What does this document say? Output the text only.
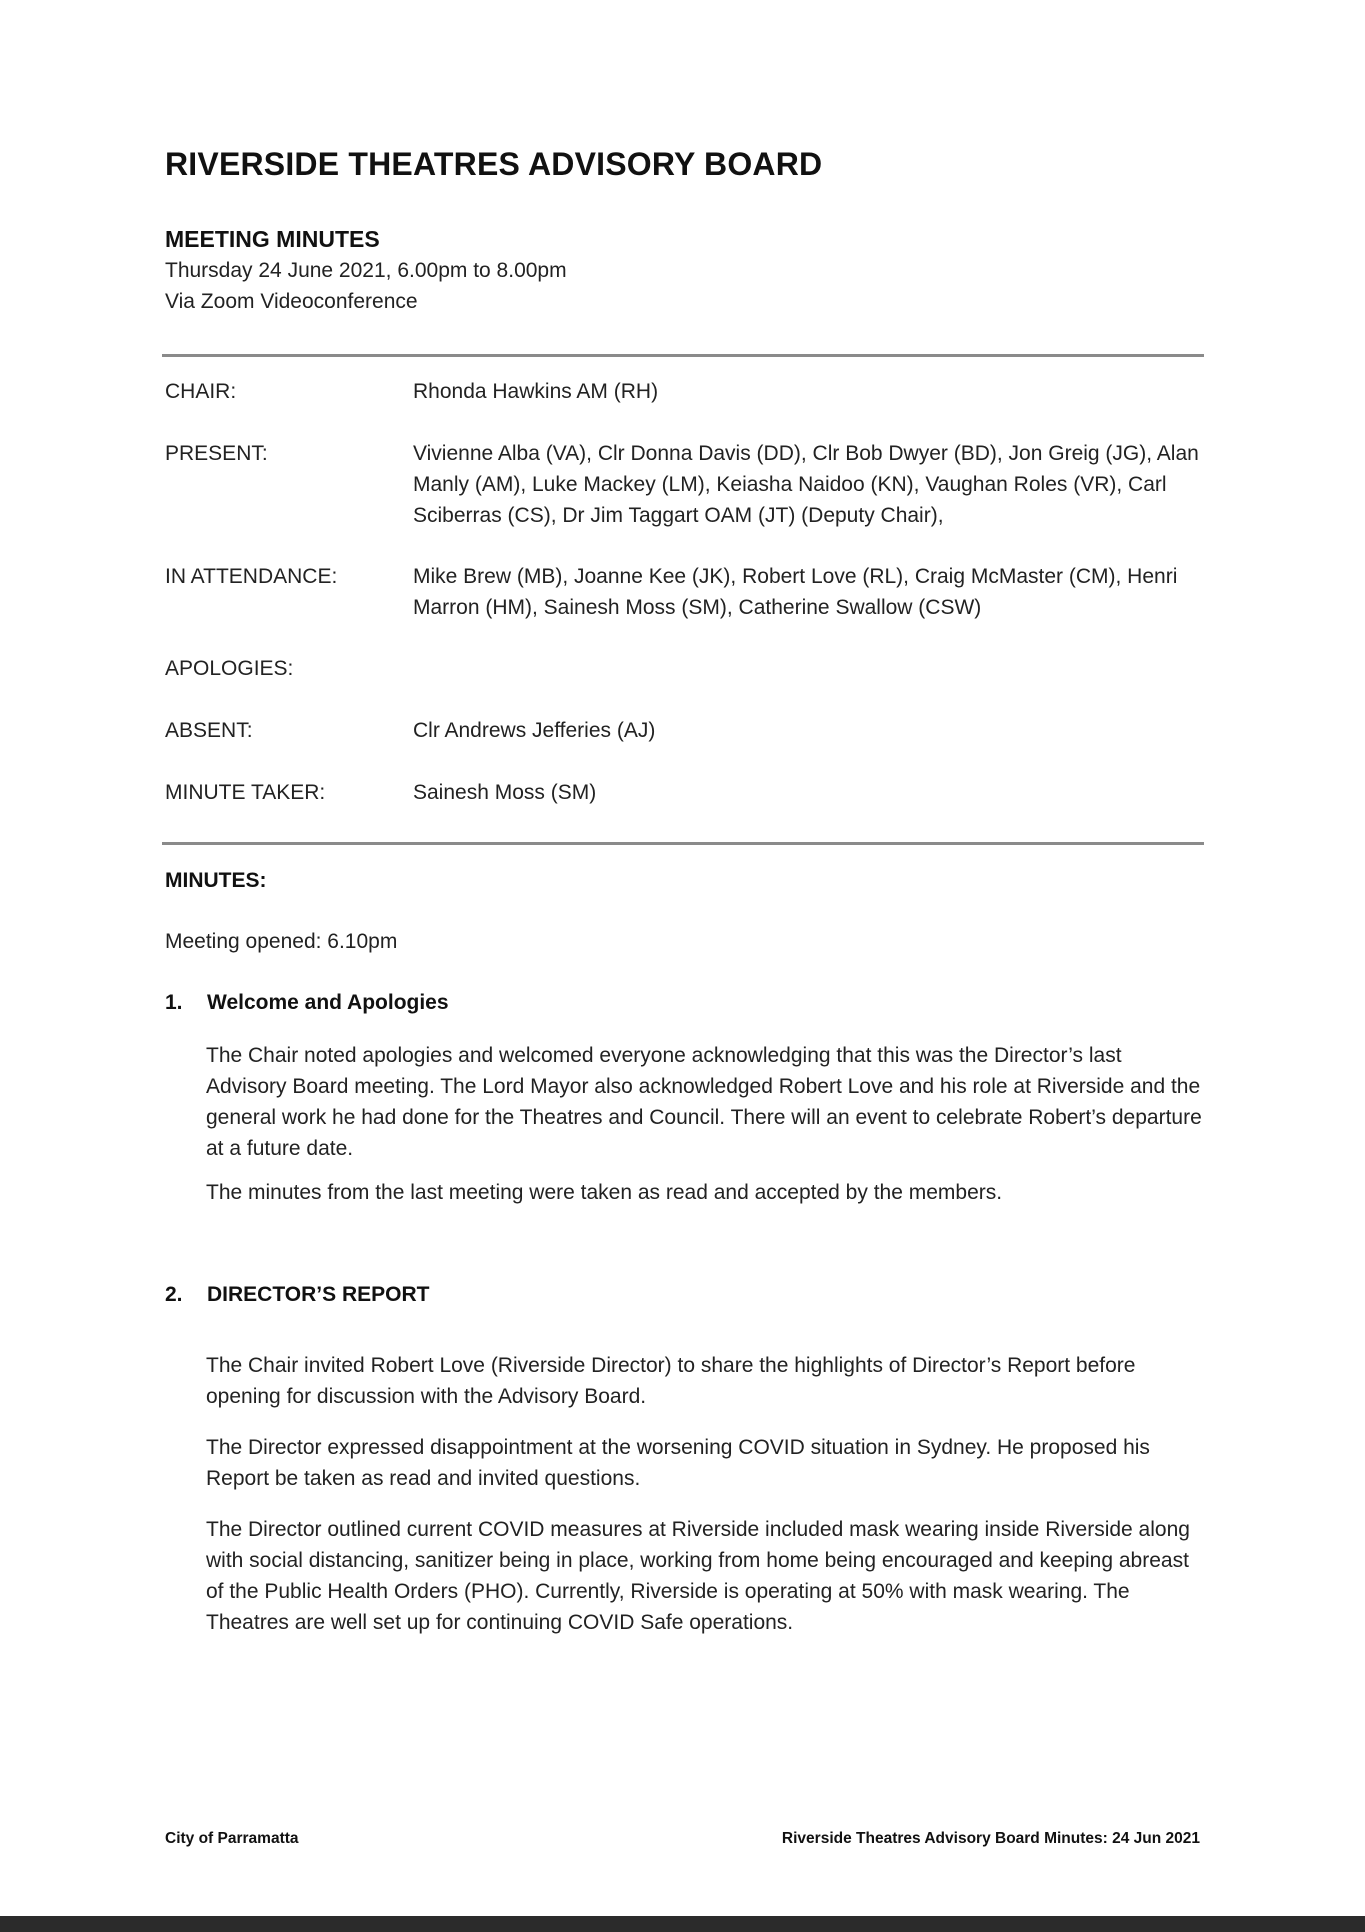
RIVERSIDE THEATRES ADVISORY BOARD
MEETING MINUTES
Thursday 24 June 2021, 6.00pm to 8.00pm
Via Zoom Videoconference
CHAIR:	Rhonda Hawkins AM (RH)
PRESENT:	Vivienne Alba (VA), Clr Donna Davis (DD), Clr Bob Dwyer (BD), Jon Greig (JG), Alan Manly (AM), Luke Mackey (LM), Keiasha Naidoo (KN), Vaughan Roles (VR), Carl Sciberras (CS), Dr Jim Taggart OAM (JT) (Deputy Chair),
IN ATTENDANCE:	Mike Brew (MB), Joanne Kee (JK), Robert Love (RL), Craig McMaster (CM), Henri Marron (HM), Sainesh Moss (SM), Catherine Swallow (CSW)
APOLOGIES:
ABSENT:	Clr Andrews Jefferies (AJ)
MINUTE TAKER:	Sainesh Moss (SM)
MINUTES:
Meeting opened: 6.10pm
1. Welcome and Apologies
The Chair noted apologies and welcomed everyone acknowledging that this was the Director’s last Advisory Board meeting. The Lord Mayor also acknowledged Robert Love and his role at Riverside and the general work he had done for the Theatres and Council. There will an event to celebrate Robert’s departure at a future date.
The minutes from the last meeting were taken as read and accepted by the members.
2. DIRECTOR’S REPORT
The Chair invited Robert Love (Riverside Director) to share the highlights of Director’s Report before opening for discussion with the Advisory Board.
The Director expressed disappointment at the worsening COVID situation in Sydney. He proposed his Report be taken as read and invited questions.
The Director outlined current COVID measures at Riverside included mask wearing inside Riverside along with social distancing, sanitizer being in place, working from home being encouraged and keeping abreast of the Public Health Orders (PHO). Currently, Riverside is operating at 50% with mask wearing. The Theatres are well set up for continuing COVID Safe operations.
City of Parramatta	Riverside Theatres Advisory Board Minutes: 24 Jun 2021
